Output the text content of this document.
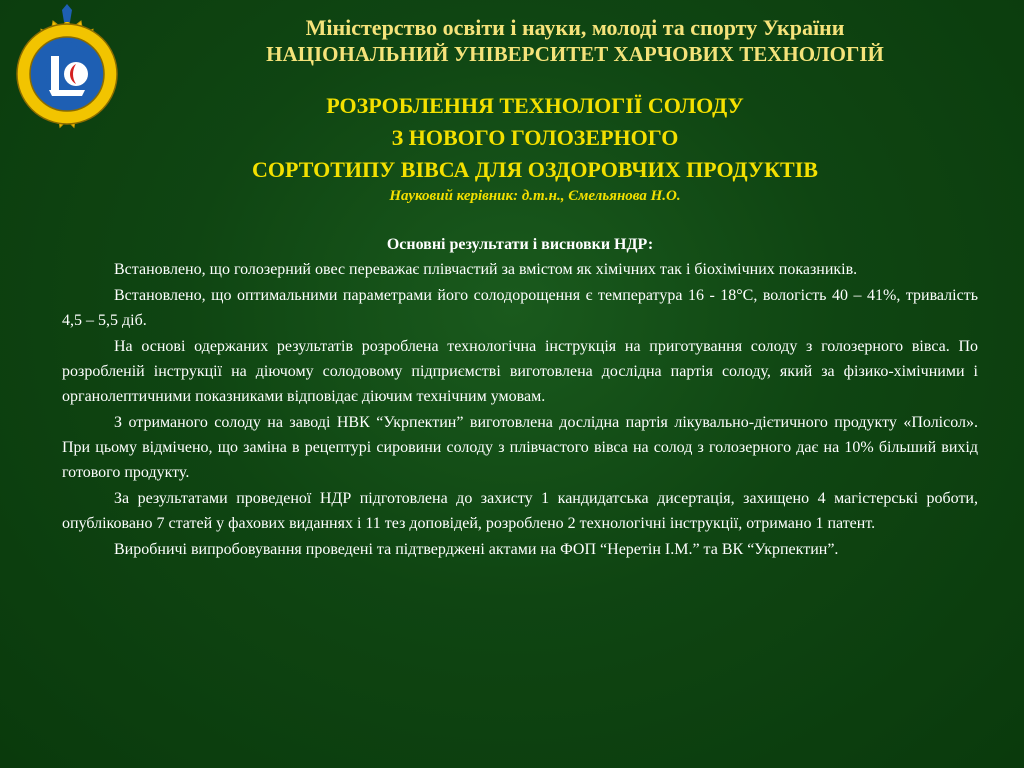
Міністерство освіти і науки, молоді та спорту України
НАЦІОНАЛЬНИЙ УНІВЕРСИТЕТ ХАРЧОВИХ ТЕХНОЛОГІЙ
РОЗРОБЛЕННЯ ТЕХНОЛОГІЇ СОЛОДУ
З НОВОГО ГОЛОЗЕРНОГО
СОРТОТИПУ ВІВСА ДЛЯ ОЗДОРОВЧИХ ПРОДУКТІВ
Науковий керівник: д.т.н., Ємельянова Н.О.
Основні результати і висновки НДР:

Встановлено, що голозерний овес переважає плівчастий за вмістом як хімічних так і біохімічних показників.

Встановлено, що оптимальними параметрами його солодорощення є температура 16 - 18°С, вологість 40 – 41%, тривалість 4,5 – 5,5 діб.

На основі одержаних результатів розроблена технологічна інструкція на приготування солоду з голозерного вівса. По розробленій інструкції на діючому солодовому підприємстві виготовлена дослідна партія солоду, який за фізико-хімічними і органолептичними показниками відповідає діючим технічним умовам.

З отриманого солоду на заводі НВК “Укрпектин” виготовлена дослідна партія лікувально-дієтичного продукту «Полісол». При цьому відмічено, що заміна в рецептурі сировини солоду з плівчастого вівса на солод з голозерного дає на 10% більший вихід готового продукту.

За результатами проведеної НДР підготовлена до захисту 1 кандидатська дисертація, захищено 4 магістерські роботи, опубліковано 7 статей у фахових виданнях і 11 тез доповідей, розроблено 2 технологічні інструкції, отримано 1 патент.

Виробничі випробовування проведені та підтверджені актами на ФОП “Неретін І.М.” та ВК “Укрпектин”.
